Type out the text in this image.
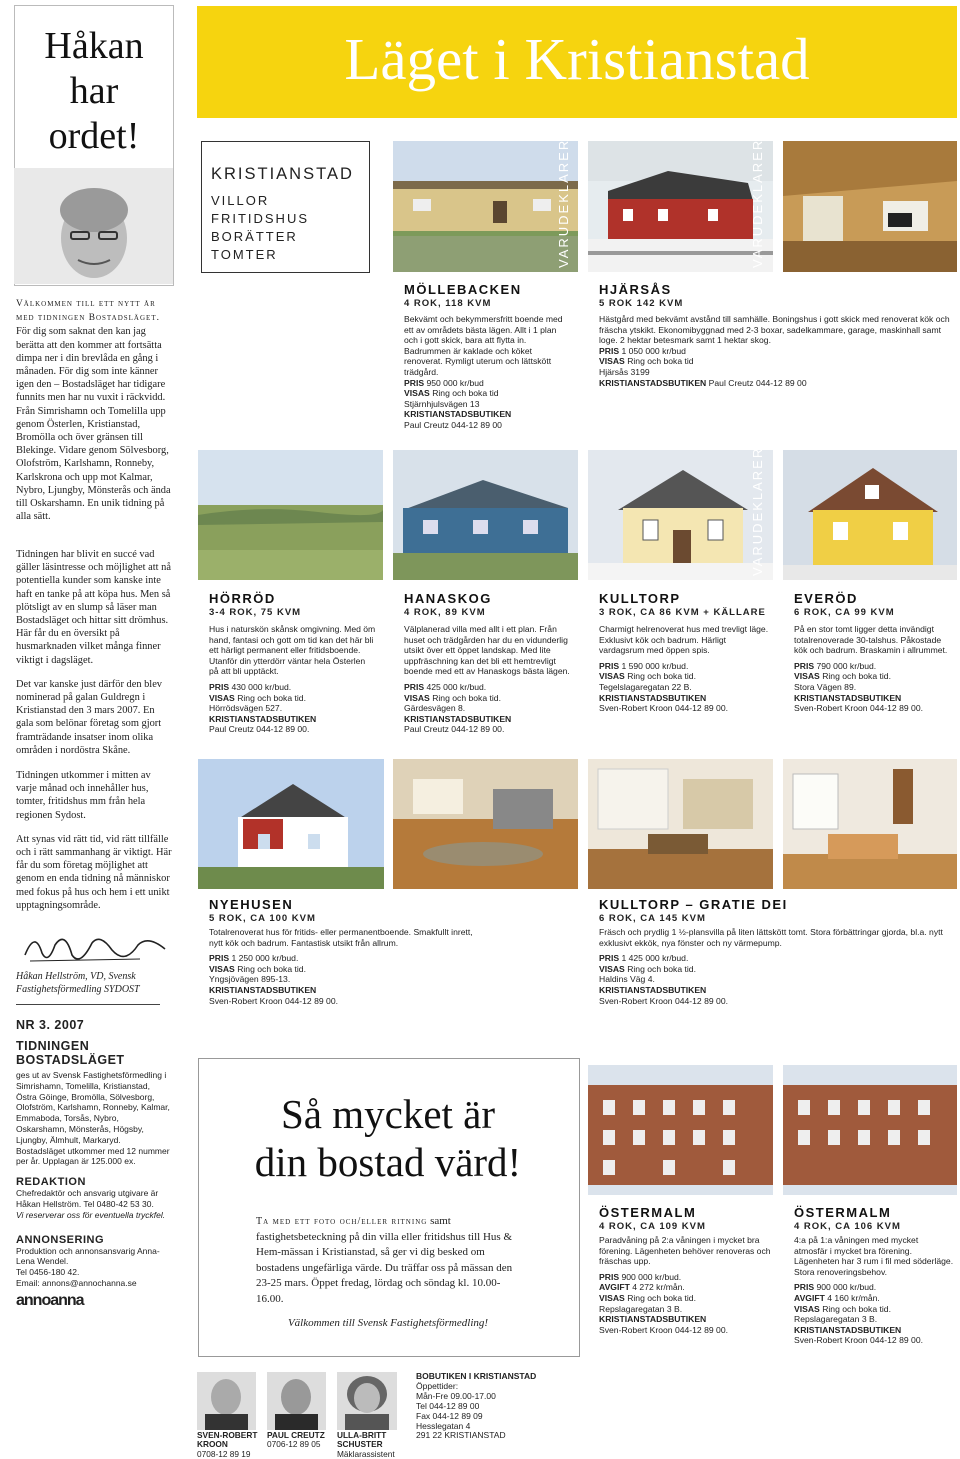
Håkan
har
ordet!
Välkommen till ett nytt år med tidningen Bostadsläget. För dig som saknat den kan jag berätta att den kommer att fortsätta dimpa ner i din brevlåda en gång i månaden. För dig som inte känner igen den – Bostadsläget har tidigare funnits men har nu vuxit i räckvidd. Från Simrishamn och Tomelilla upp genom Österlen, Kristianstad, Bromölla och över gränsen till Blekinge. Vidare genom Sölvesborg, Olofström, Karlshamn, Ronneby, Karlskrona och upp mot Kalmar, Nybro, Ljungby, Mönsterås och ända till Oskarshamn. En unik tidning på alla sätt.

Tidningen har blivit en succé vad gäller läsintresse och möjlighet att nå potentiella kunder som kanske inte haft en tanke på att köpa hus. Men så plötsligt av en slump så läser man Bostadsläget och hittar sitt drömhus. Här får du en översikt på husmarknaden vilket många finner viktigt i dagsläget.

Det var kanske just därför den blev nominerad på galan Guldregn i Kristianstad den 3 mars 2007. En gala som belönar företag som gjort framträdande insatser inom olika områden i nordöstra Skåne.

Tidningen utkommer i mitten av varje månad och innehåller hus, tomter, fritidshus mm från hela regionen Sydost.

Att synas vid rätt tid, vid rätt tillfälle och i rätt sammanhang är viktigt. Här får du som företag möjlighet att genom en enda tidning nå människor med fokus på hus och hem i ett unikt upptagningsområde.

Håkan Hellström, VD, Svensk Fastighetsförmedling SYDOST
NR 3. 2007
TIDNINGEN
BOSTADSLÄGET

ges ut av Svensk Fastighetsförmedling i Simrishamn, Tomelilla, Kristianstad, Östra Göinge, Bromölla, Sölvesborg, Olofström, Karlshamn, Ronneby, Kalmar, Emmaboda, Torsås, Nybro, Oskarshamn, Mönsterås, Högsby, Ljungby, Älmhult, Markaryd. Bostadsläget utkommer med 12 nummer per år. Upplagan är 125.000 ex.

REDAKTION

Chefredaktör och ansvarig utgivare är Håkan Hellström. Tel 0480-42 53 30.

Vi reserverar oss för eventuella tryckfel.

ANNONSERING

Produktion och annonsansvarig Anna-Lena Wendel.

Tel 0456-180 42.

Email: annons@annochanna.se

annoanna
Läget i Kristianstad
KRISTIANSTAD
VILLOR
FRITIDSHUS
BORÄTTER
TOMTER	VARUDEKLARERAT	VARUDEKLARERAT
MÖLLEBACKEN
4 ROK, 118 KVM

Bekvämt och bekymmersfritt boende med ett av områdets bästa lägen. Allt i 1 plan och i gott skick, bara att flytta in. Badrummen är kaklade och köket renoverat. Rymligt uterum och lättskött trädgård.

PRIS 950 000 kr/bud

VISAS Ring och boka tid

Stjärnhjulsvägen 13

KRISTIANSTADSBUTIKEN

Paul Creutz 044-12 89 00

HJÄRSÅS
5 ROK 142 KVM

Hästgård med bekvämt avstånd till samhälle. Boningshus i gott skick med renoverat kök och fräscha ytskikt. Ekonomibyggnad med 2-3 boxar, sadelkammare, garage, maskinhall samt loge. 2 hektar betesmark samt 1 hektar skog.

PRIS 1 050 000 kr/bud

VISAS Ring och boka tid

Hjärsås 3199

KRISTIANSTADSBUTIKEN Paul Creutz 044-12 89 00

VARUDEKLARERAT
HÖRRÖD
3-4 ROK, 75 KVM

Hus i naturskön skånsk omgivning. Med öm hand, fantasi och gott om tid kan det här bli ett härligt permanent eller fritidsboende. Utanför din ytterdörr väntar hela Österlen på att bli upptäckt.

PRIS 430 000 kr/bud.

VISAS Ring och boka tid.

Hörrödsvägen 527.

KRISTIANSTADSBUTIKEN

Paul Creutz 044-12 89 00.

HANASKOG
4 ROK, 89 KVM

Välplanerad villa med allt i ett plan. Från huset och trädgården har du en vidunderlig utsikt över ett öppet landskap. Med lite uppfräschning kan det bli ett hemtrevligt boende med ett av Hanaskogs bästa lägen.

PRIS 425 000 kr/bud.

VISAS Ring och boka tid.

Gärdesvägen 8.

KRISTIANSTADSBUTIKEN

Paul Creutz 044-12 89 00.

KULLTORP
3 ROK, CA 86 KVM + KÄLLARE

Charmigt helrenoverat hus med trevligt läge. Exklusivt kök och badrum. Härligt vardagsrum med öppen spis.

PRIS 1 590 000 kr/bud.

VISAS Ring och boka tid.

Tegelslagaregatan 22 B.

KRISTIANSTADSBUTIKEN

Sven-Robert Kroon 044-12 89 00.

EVERÖD
6 ROK, CA 99 KVM

På en stor tomt ligger detta invändigt totalrenoverade 30-talshus. Påkostade kök och badrum. Braskamin i allrummet.

PRIS 790 000 kr/bud.

VISAS Ring och boka tid.

Stora Vägen 89.

KRISTIANSTADSBUTIKEN

Sven-Robert Kroon 044-12 89 00.

NYEHUSEN
5 ROK, CA 100 KVM

Totalrenoverat hus för fritids- eller permanentboende. Smakfullt inrett, nytt kök och badrum. Fantastisk utsikt från allrum.

PRIS 1 250 000 kr/bud.

VISAS Ring och boka tid.

Yngsjövägen 895-13.

KRISTIANSTADSBUTIKEN

Sven-Robert Kroon 044-12 89 00.

KULLTORP – GRATIE DEI
6 ROK, CA 145 KVM

Fräsch och prydlig 1 ½-plansvilla på liten lättskött tomt. Stora förbättringar gjorda, bl.a. nytt exklusivt ekkök, nya fönster och ny värmepump.

PRIS 1 425 000 kr/bud.

VISAS Ring och boka tid.

Haldins Väg 4.

KRISTIANSTADSBUTIKEN

Sven-Robert Kroon 044-12 89 00.

Så mycket är
din bostad värd!
Ta med ett foto och/eller ritning samt fastighetsbeteckning på din villa eller fritidshus till Hus & Hem-mässan i Kristianstad, så ger vi dig besked om bostadens ungefärliga värde. Du träffar oss på mässan den 23-25 mars. Öppet fredag, lördag och söndag kl. 10.00-16.00.
Välkommen till Svensk Fastighetsförmedling!
ÖSTERMALM
4 ROK, CA 109 KVM

Paradvåning på 2:a våningen i mycket bra förening. Lägenheten behöver renoveras och fräschas upp.

PRIS 900 000 kr/bud.

AVGIFT 4 272 kr/mån.

VISAS Ring och boka tid.

Repslagaregatan 3 B.

KRISTIANSTADSBUTIKEN

Sven-Robert Kroon 044-12 89 00.

ÖSTERMALM
4 ROK, CA 106 KVM

4:a på 1:a våningen med mycket atmosfär i mycket bra förening. Lägenheten har 3 rum i fil med söderläge. Stora renoveringsbehov.

PRIS 900 000 kr/bud.

AVGIFT 4 160 kr/mån.

VISAS Ring och boka tid.

Repslagaregatan 3 B.

KRISTIANSTADSBUTIKEN

Sven-Robert Kroon 044-12 89 00.

SVEN-ROBERT
KROON
0708-12 89 19
PAUL CREUTZ
0706-12 89 05
ULLA-BRITT
SCHUSTER
Mäklarassistent
BOBUTIKEN I KRISTIANSTAD
Öppettider:
Mån-Fre 09.00-17.00
Tel 044-12 89 00
Fax 044-12 89 09
Hesslegatan 4
291 22 KRISTIANSTAD
